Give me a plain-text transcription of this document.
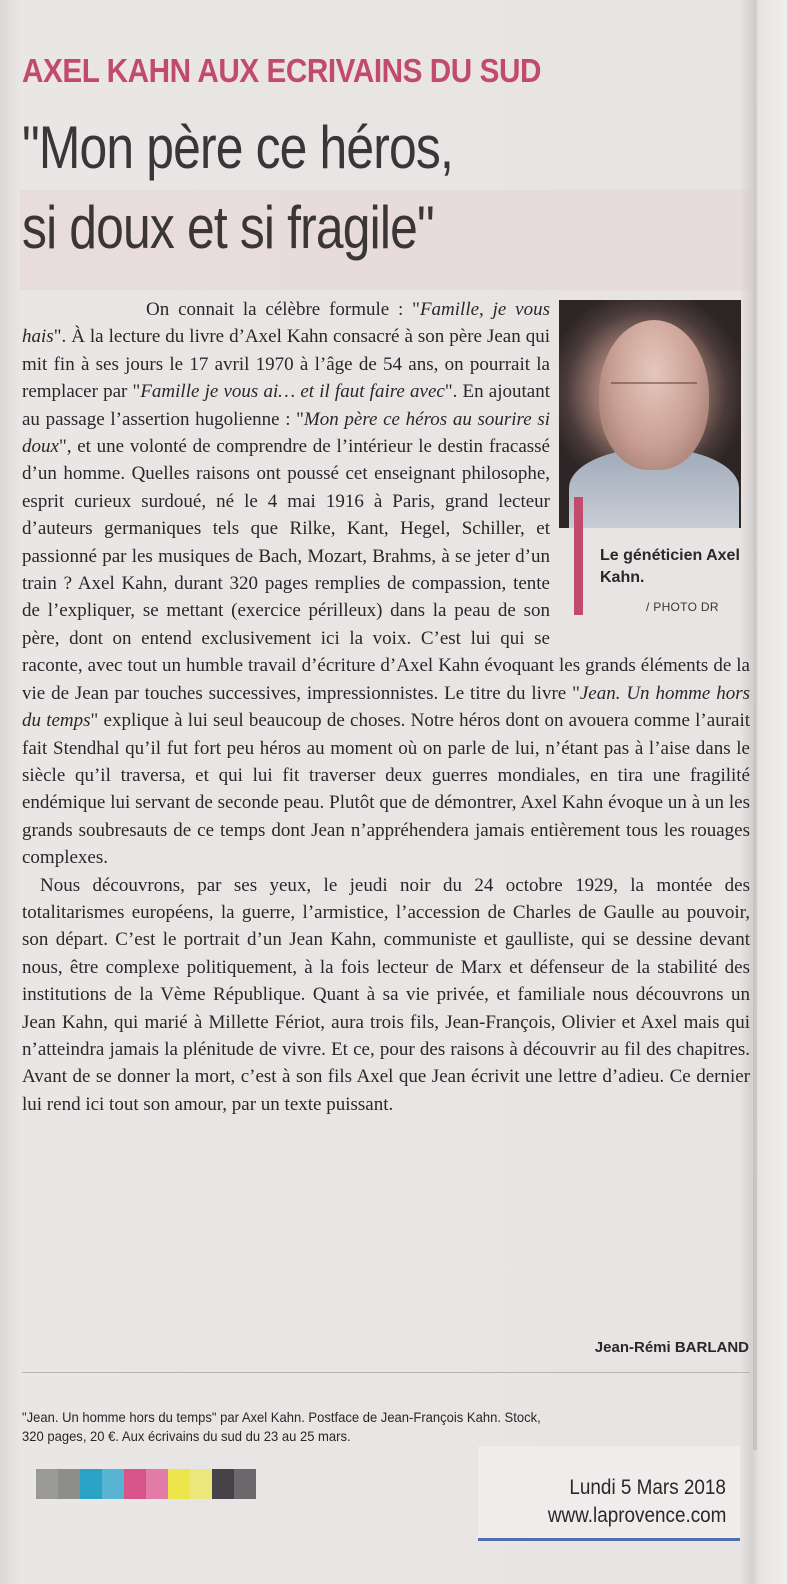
AXEL KAHN AUX ECRIVAINS DU SUD
"Mon père ce héros,
si doux et si fragile"
Le généticien Axel Kahn.
/ PHOTO DR

On connait la célèbre formule : "Famille, je vous hais". À la lecture du livre d’Axel Kahn consacré à son père Jean qui mit fin à ses jours le 17 avril 1970 à l’âge de 54 ans, on pourrait la remplacer par "Famille je vous ai… et il faut faire avec". En ajoutant au passage l’assertion hugolienne : "Mon père ce héros au sourire si doux", et une volonté de comprendre de l’intérieur le destin fracassé d’un homme. Quelles raisons ont poussé cet enseignant philosophe, esprit curieux surdoué, né le 4 mai 1916 à Paris, grand lecteur d’auteurs germaniques tels que Rilke, Kant, Hegel, Schiller, et passionné par les musiques de Bach, Mozart, Brahms, à se jeter d’un train ? Axel Kahn, durant 320 pages remplies de compassion, tente de l’expliquer, se mettant (exercice périlleux) dans la peau de son père, dont on entend exclusivement ici la voix. C’est lui qui se raconte, avec tout un humble travail d’écriture d’Axel Kahn évoquant les grands éléments de la vie de Jean par touches successives, impressionnistes. Le titre du livre "Jean. Un homme hors du temps" explique à lui seul beaucoup de choses. Notre héros dont on avouera comme l’aurait fait Stendhal qu’il fut fort peu héros au moment où on parle de lui, n’étant pas à l’aise dans le siècle qu’il traversa, et qui lui fit traverser deux guerres mondiales, en tira une fragilité endémique lui servant de seconde peau. Plutôt que de démontrer, Axel Kahn évoque un à un les grands soubresauts de ce temps dont Jean n’appréhendera jamais entièrement tous les rouages complexes.

Nous découvrons, par ses yeux, le jeudi noir du 24 octobre 1929, la montée des totalitarismes européens, la guerre, l’armistice, l’accession de Charles de Gaulle au pouvoir, son départ. C’est le portrait d’un Jean Kahn, communiste et gaulliste, qui se dessine devant nous, être complexe politiquement, à la fois lecteur de Marx et défenseur de la stabilité des institutions de la Vème République. Quant à sa vie privée, et familiale nous découvrons un Jean Kahn, qui marié à Millette Fériot, aura trois fils, Jean-François, Olivier et Axel mais qui n’atteindra jamais la plénitude de vivre. Et ce, pour des raisons à découvrir au fil des chapitres. Avant de se donner la mort, c’est à son fils Axel que Jean écrivit une lettre d’adieu. Ce dernier lui rend ici tout son amour, par un texte puissant.

Jean-Rémi BARLAND
"Jean. Un homme hors du temps" par Axel Kahn. Postface de Jean-François Kahn. Stock,
320 pages, 20 €. Aux écrivains du sud du 23 au 25 mars.
Lundi 5 Mars 2018
www.laprovence.com
